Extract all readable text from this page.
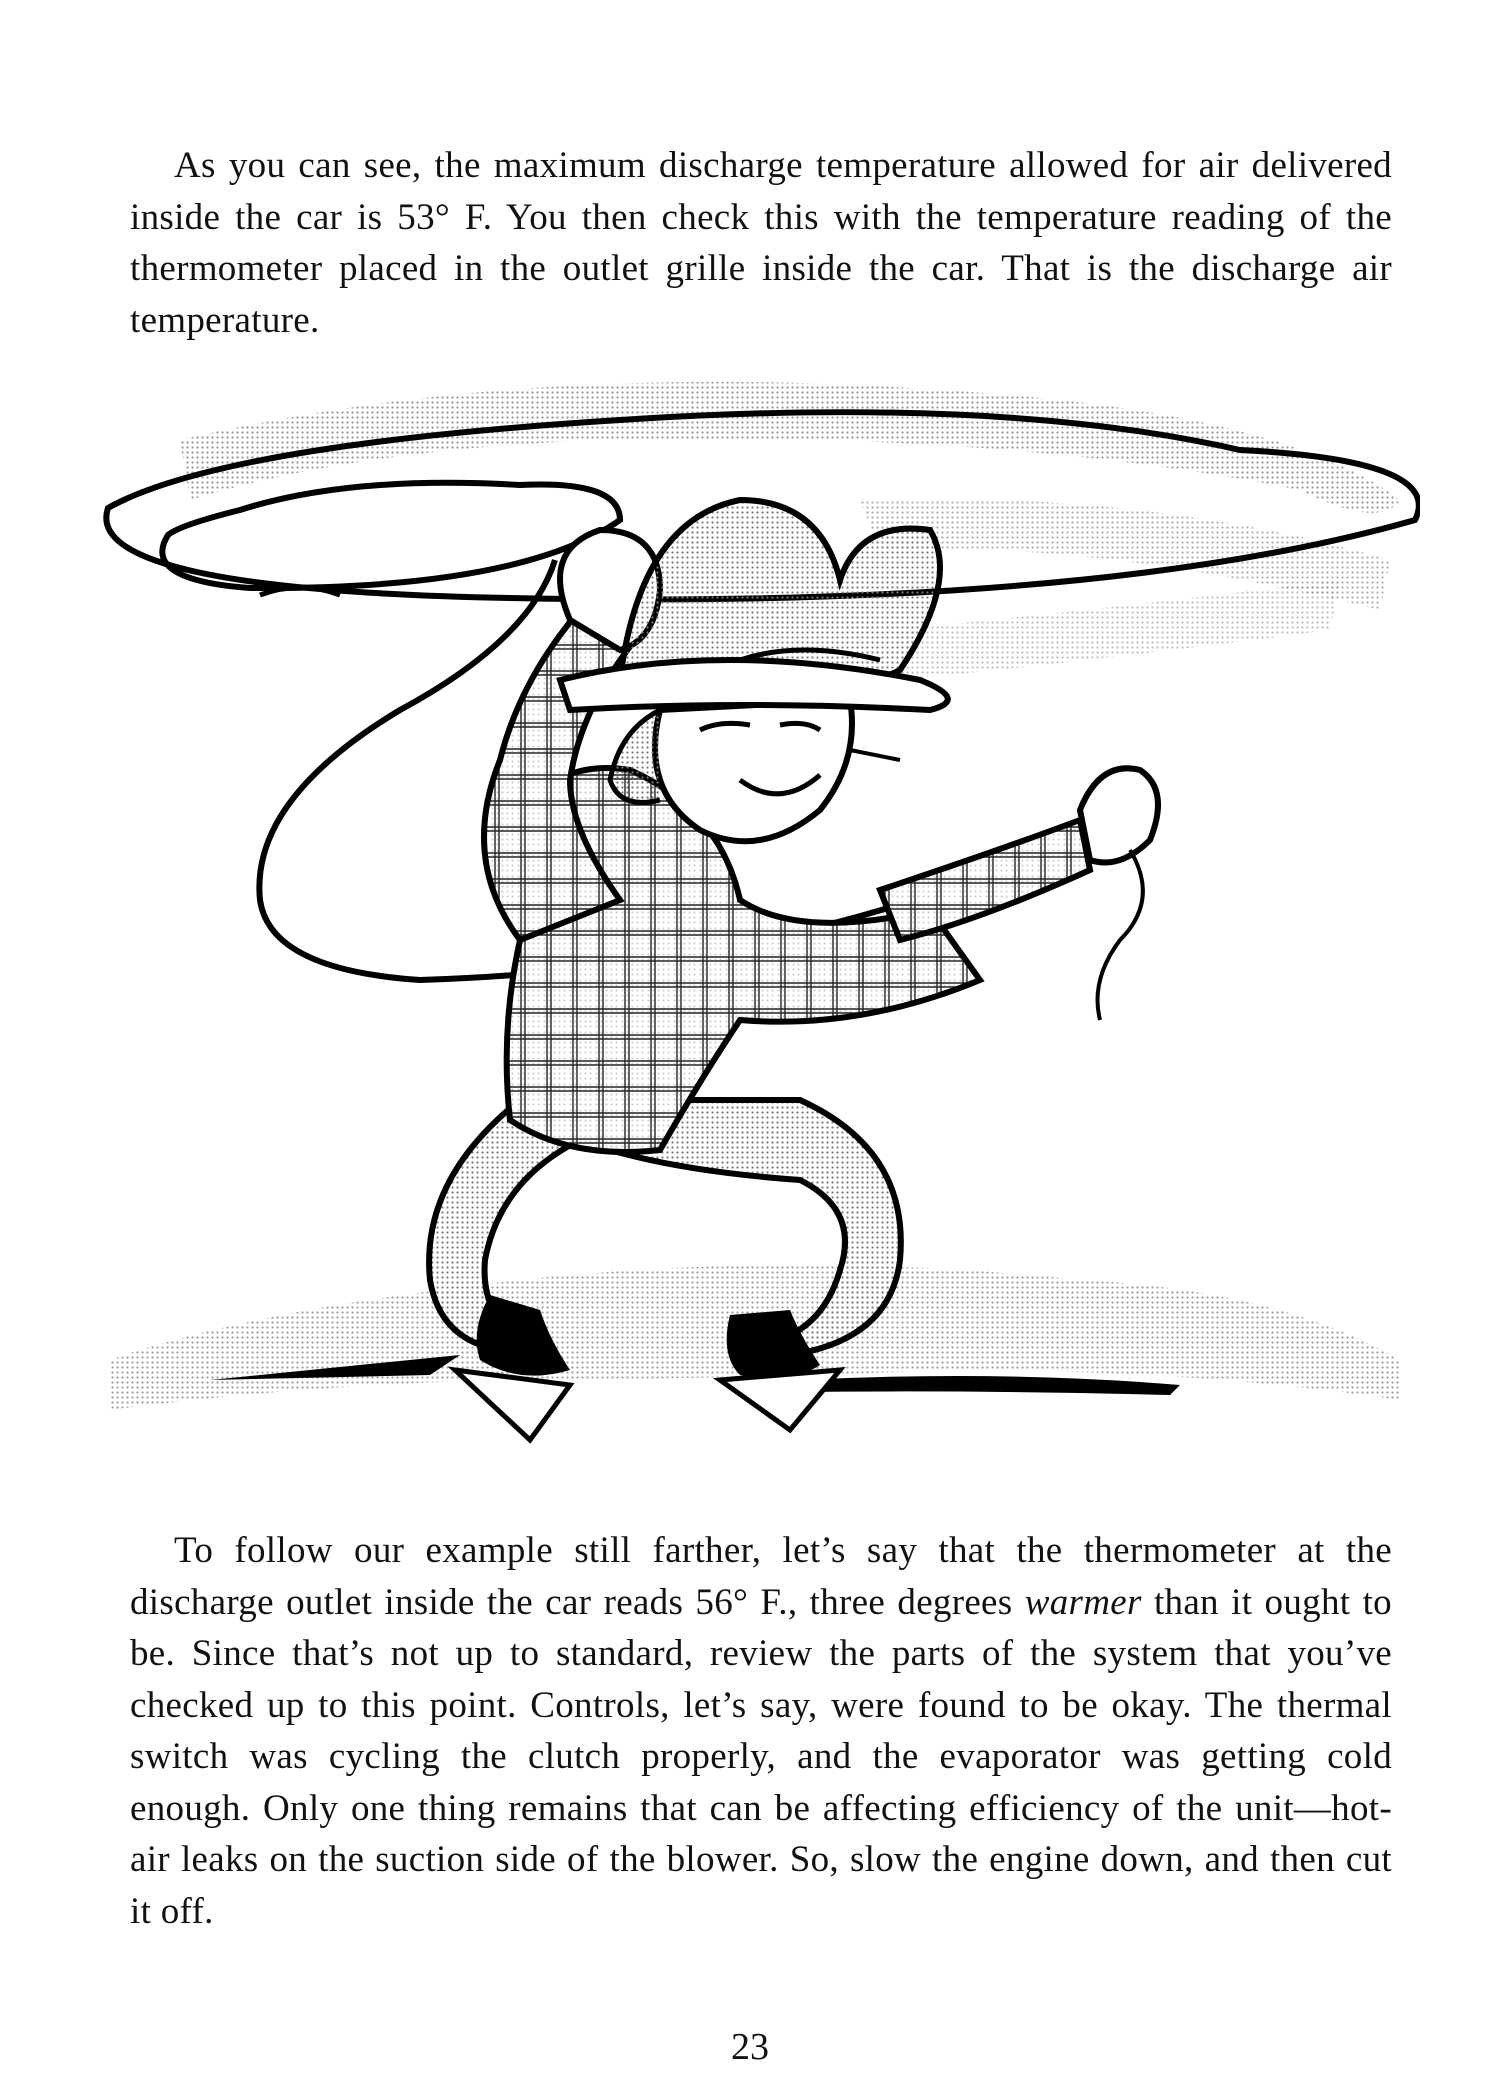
As you can see, the maximum discharge temperature allowed for air delivered inside the car is 53° F. You then check this with the temperature reading of the thermometer placed in the outlet grille inside the car. That is the discharge air temperature.

To follow our example still farther, let’s say that the thermometer at the discharge outlet inside the car reads 56° F., three degrees warmer than it ought to be. Since that’s not up to standard, review the parts of the system that you’ve checked up to this point. Controls, let’s say, were found to be okay. The thermal switch was cycling the clutch properly, and the evaporator was getting cold enough. Only one thing remains that can be affecting efficiency of the unit—hot-air leaks on the suction side of the blower. So, slow the engine down, and then cut it off.

23
